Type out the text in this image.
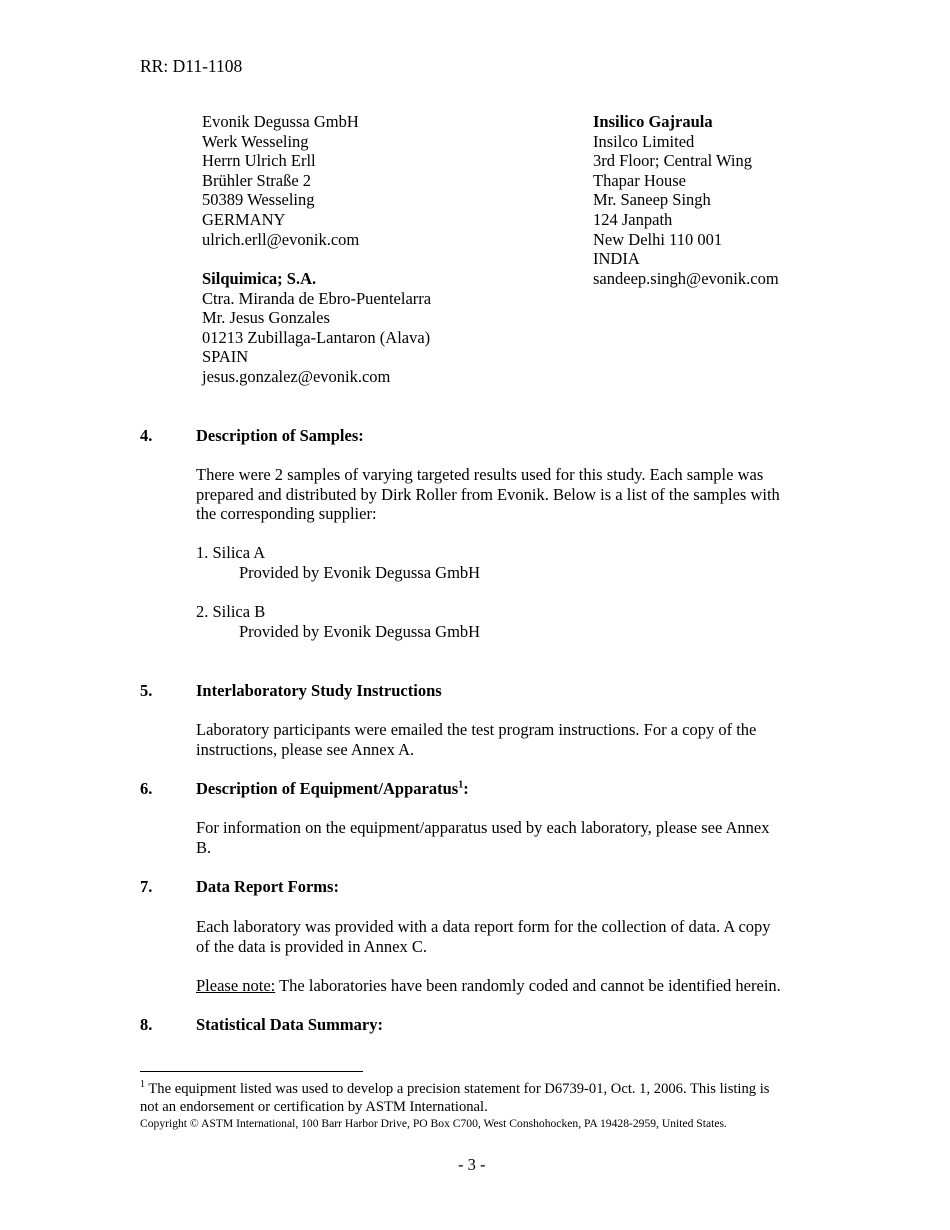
RR: D11-1108
Evonik Degussa GmbH
Werk Wesseling
Herrn Ulrich Erll
Brühler Straße 2
50389 Wesseling
GERMANY
ulrich.erll@evonik.com
Silquimica; S.A.
Ctra. Miranda de Ebro-Puentelarra
Mr. Jesus Gonzales
01213 Zubillaga-Lantaron (Alava)
SPAIN
jesus.gonzalez@evonik.com
Insilico Gajraula
Insilco Limited
3rd Floor; Central Wing
Thapar House
Mr. Saneep Singh
124 Janpath
New Delhi 110 001
INDIA
sandeep.singh@evonik.com
4.	Description of Samples:
There were 2 samples of varying targeted results used for this study. Each sample was
prepared and distributed by Dirk Roller from Evonik. Below is a list of the samples with
the corresponding supplier:
1. Silica A
Provided by Evonik Degussa GmbH
2. Silica B
Provided by Evonik Degussa GmbH
5.	Interlaboratory Study Instructions
Laboratory participants were emailed the test program instructions. For a copy of the
instructions, please see Annex A.
6.	Description of Equipment/Apparatus$^1$:
For information on the equipment/apparatus used by each laboratory, please see Annex
B.
7.	Data Report Forms:
Each laboratory was provided with a data report form for the collection of data. A copy
of the data is provided in Annex C.
Please note: The laboratories have been randomly coded and cannot be identified herein.
8.	Statistical Data Summary:
$^1$ The equipment listed was used to develop a precision statement for D6739-01, Oct. 1, 2006. This listing is
not an endorsement or certification by ASTM International.
Copyright © ASTM International, 100 Barr Harbor Drive, PO Box C700, West Conshohocken, PA 19428-2959, United States.
- 3 -
